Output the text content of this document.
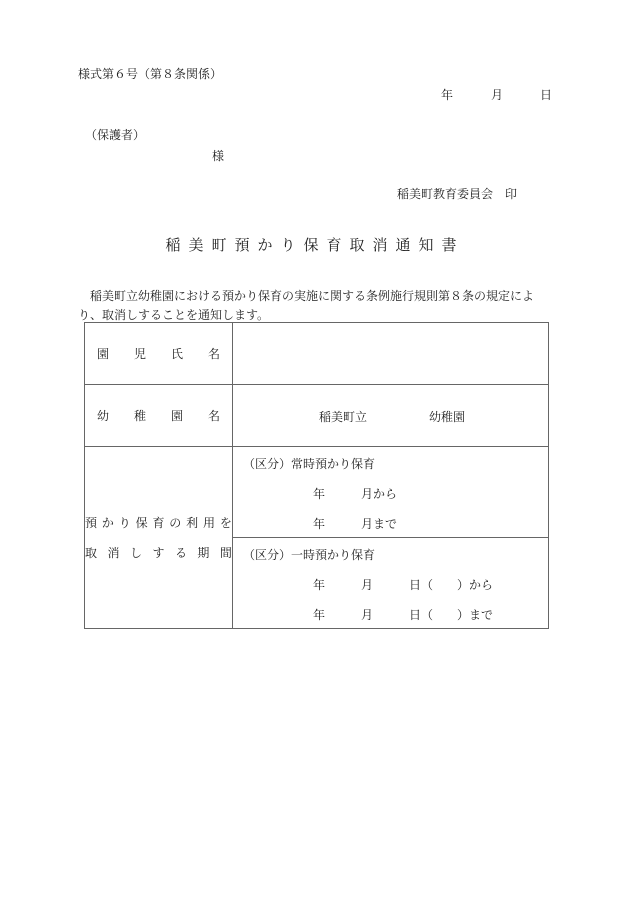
様式第６号（第８条関係）
年	月	日
（保護者）
様
稲美町教育委員会　印
稲美町預かり保育取消通知書

稲美町立幼稚園における預かり保育の実施に関する条例施行規則第８条の規定により、取消しすることを通知します。

園 児 氏 名	

幼 稚 園 名	稲美町立 幼稚園

預 か り 保 育 の 利 用 を
取 消 し す る 期 間

（区分）常時預かり保育
年	月から
年	月まで

（区分）一時預かり保育
年	月	日（ ）から
年	月	日（ ）まで
